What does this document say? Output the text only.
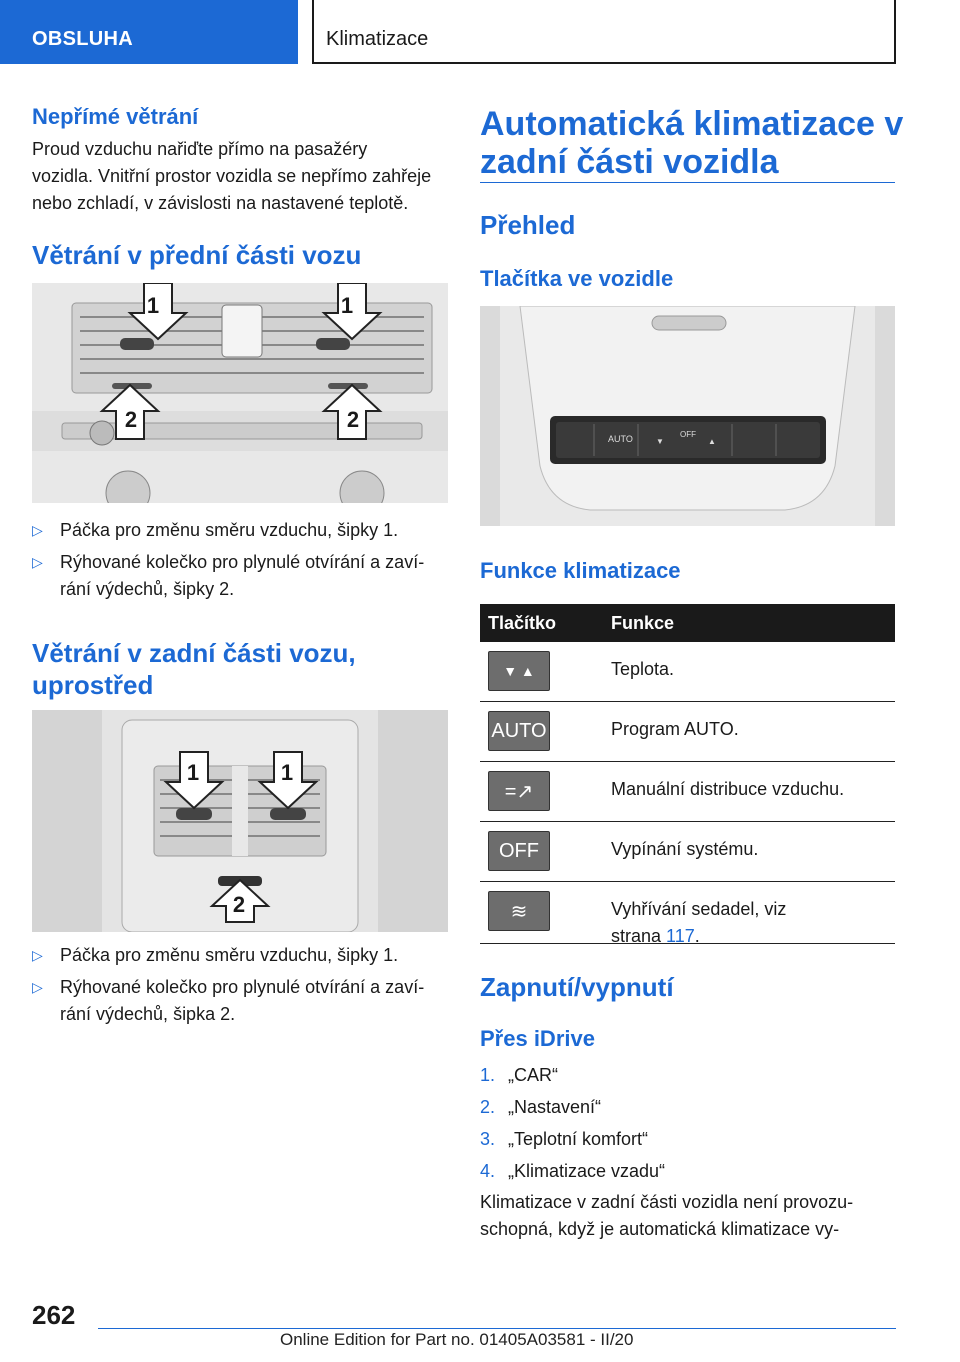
OBSLUHA	Klimatizace
Nepřímé větrání
Proud vzduchu nařiďte přímo na pasažéry
vozidla. Vnitřní prostor vozidla se nepřímo zahřeje
nebo zchladí, v závislosti na nastavené teplotě.
Větrání v přední části vozu
1	1
2	2
▷ Páčka pro změnu směru vzduchu, šipky 1.
▷ Rýhované kolečko pro plynulé otvírání a zaví‐
rání výdechů, šipky 2.
Větrání v zadní části vozu,
uprostřed
1	1
2
▷ Páčka pro změnu směru vzduchu, šipky 1.
▷ Rýhované kolečko pro plynulé otvírání a zaví‐
rání výdechů, šipka 2.
Automatická klimatizace v
zadní části vozidla
Přehled
Tlačítka ve vozidle
▼	▲
AUTO	OFF
Funkce klimatizace
Tlačítko	Funkce
▼ ▲	Teplota.
AUTO	Program AUTO.
=↗	Manuální distribuce vzduchu.
OFF	Vypínání systému.
≋	Vyhřívání sedadel, viz
strana 117.
Zapnutí/vypnutí
Přes iDrive
1. „CAR“
2. „Nastavení“
3. „Teplotní komfort“
4. „Klimatizace vzadu“
Klimatizace v zadní části vozidla není provozu‐
schopná, když je automatická klimatizace vy‐
262
Online Edition for Part no. 01405A03581 - II/20
